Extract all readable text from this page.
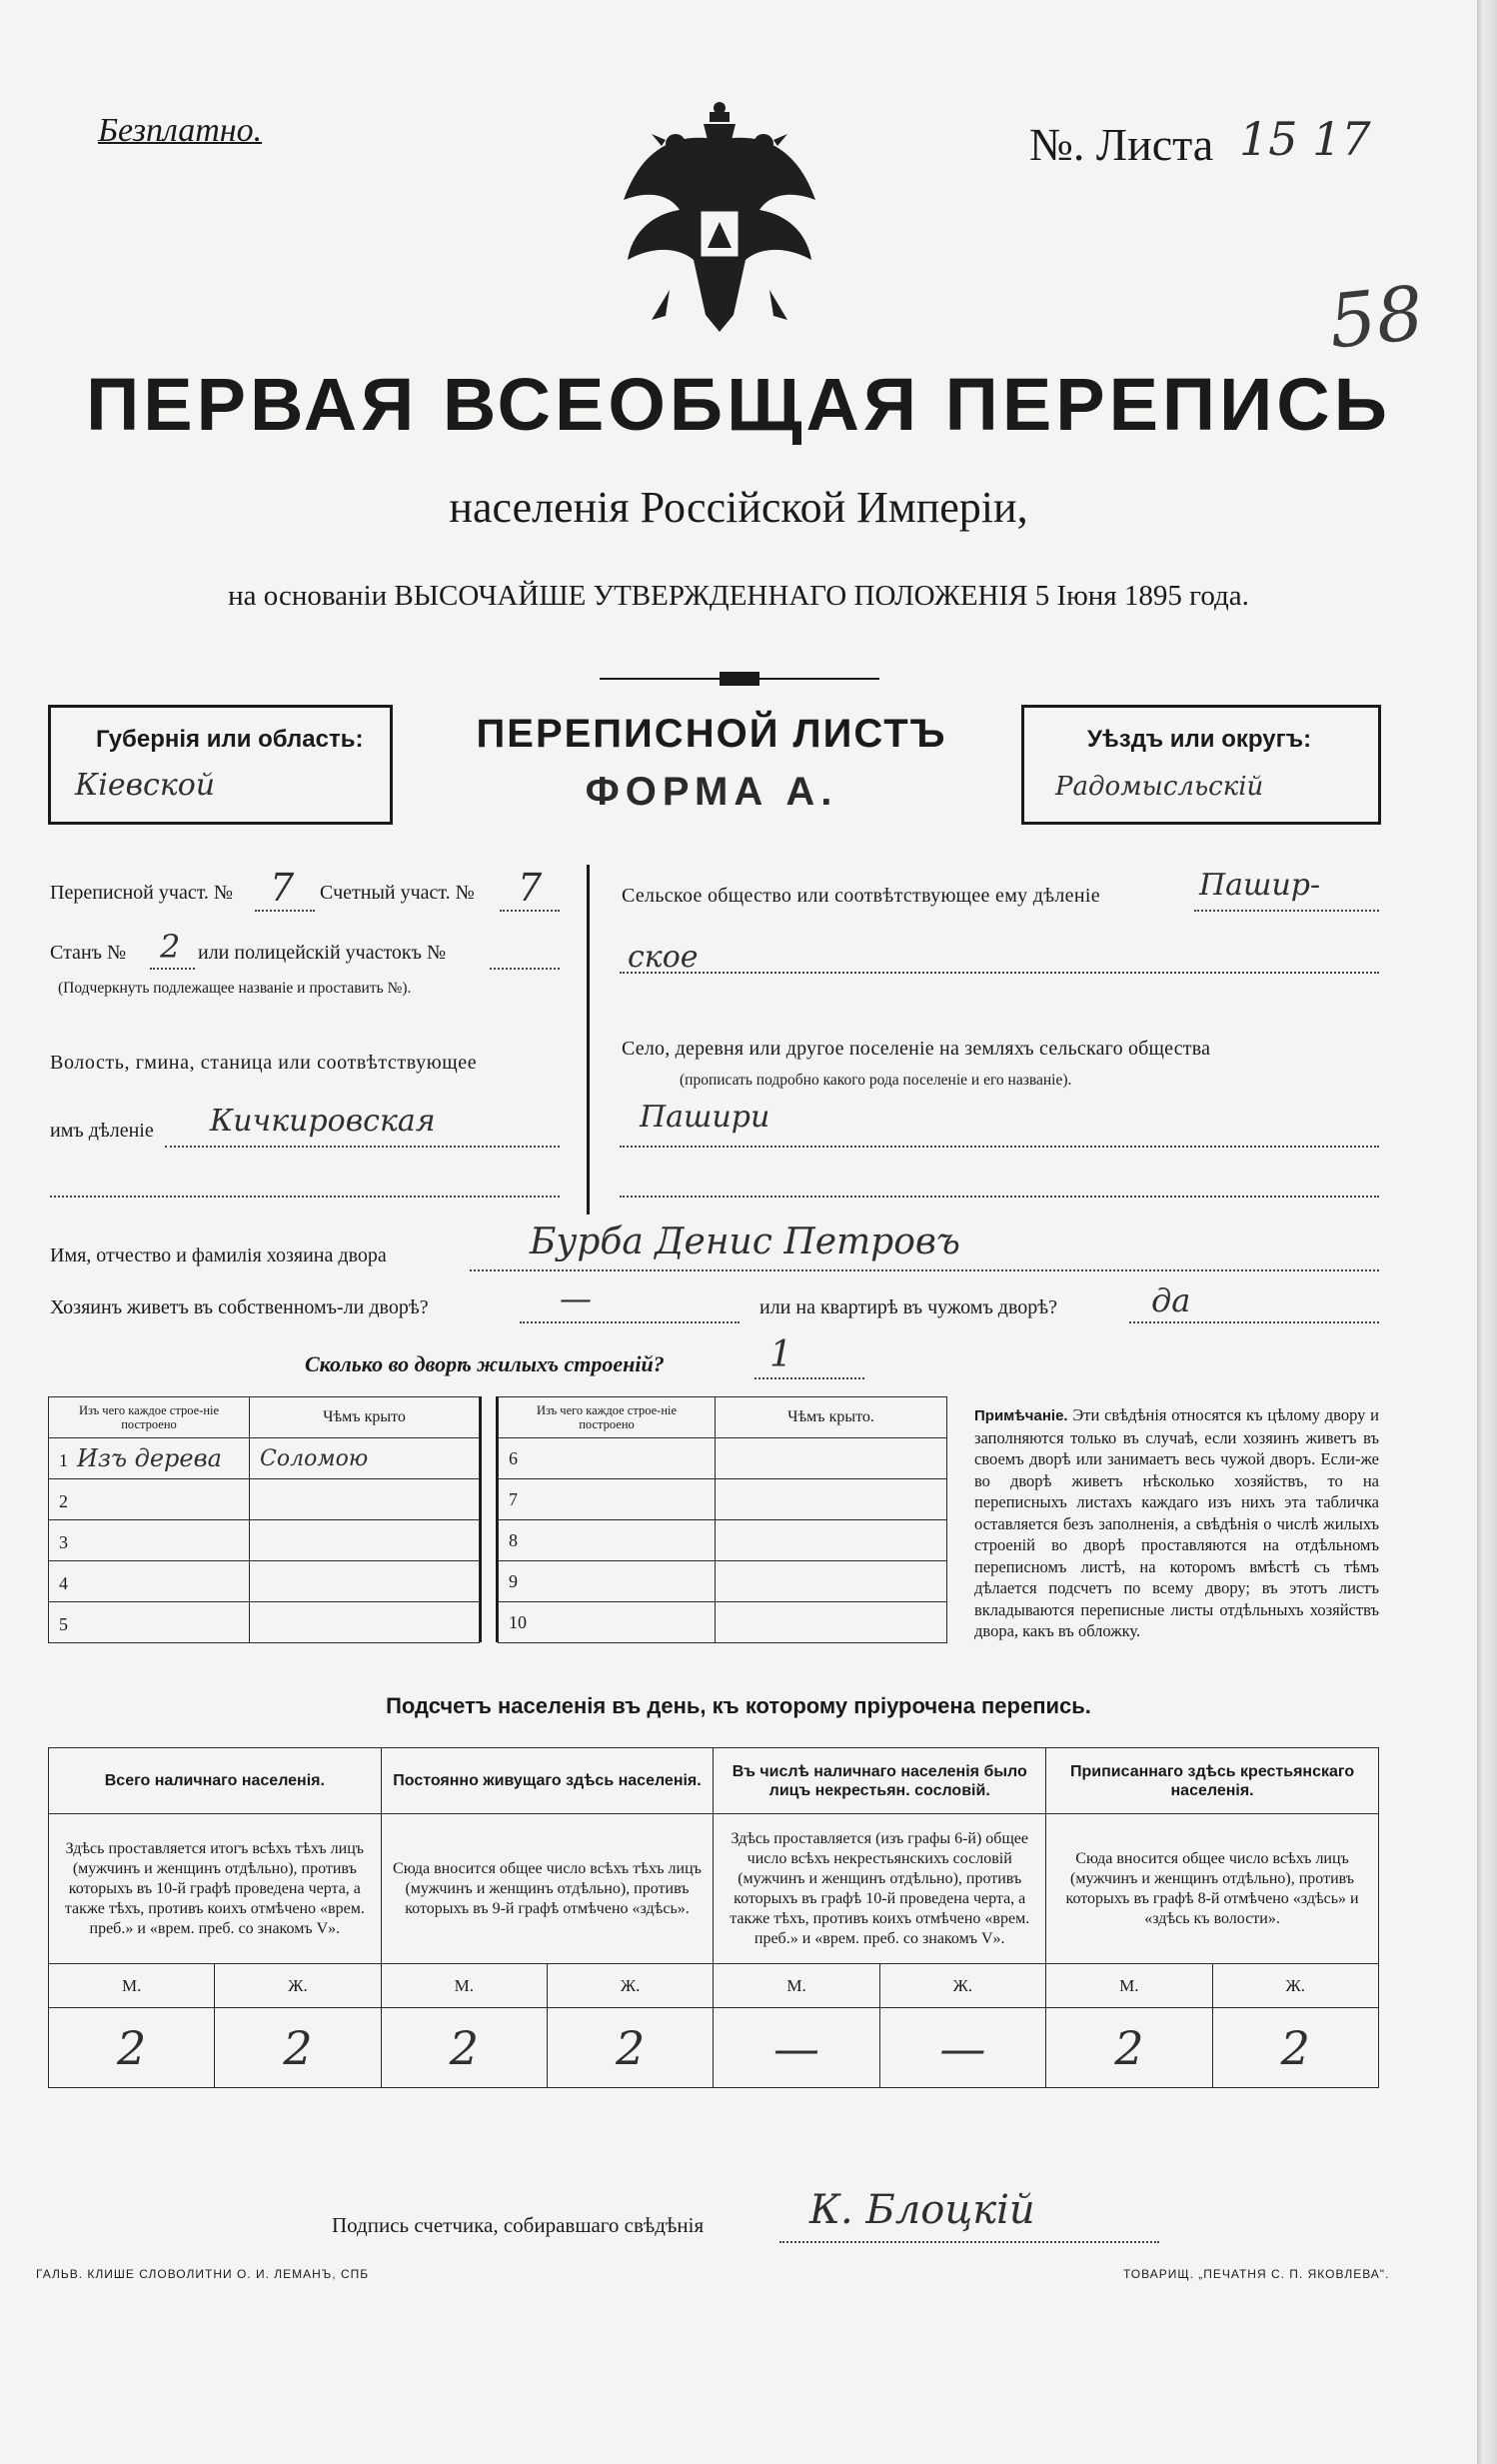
Безплатно.	№. Листа 15 17
58
ПЕРВАЯ ВСЕОБЩАЯ ПЕРЕПИСЬ
населенія Россійской Имперіи,
на основаніи ВЫСОЧАЙШЕ УТВЕРЖДЕННАГО ПОЛОЖЕНІЯ 5 Іюня 1895 года.
Губернія или область:
Кіевской
ПЕРЕПИСНОЙ ЛИСТЪ
ФОРМА А.
Уѣздъ или округъ:
Радомысльскій
Переписной участ. № 7 Счетный участ. № 7
Станъ № 2 или полицейскій участокъ №
(Подчеркнуть подлежащее названіе и проставить №).
Волость, гмина, станица или соотвѣтствующее
имъ дѣленіе Кичкировская
Сельское общество или соотвѣтствующее ему дѣленіе	Пашир-
ское
Село, деревня или другое поселеніе на земляхъ сельскаго общества
(прописать подробно какого рода поселеніе и его названіе).
Пашири
Имя, отчество и фамилія хозяина двора	Бурба Денис Петровъ
Хозяинъ живетъ въ собственномъ-ли дворѣ?	—	или на квартирѣ въ чужомъ дворѣ?	да
Сколько во дворѣ жилыхъ строеній?	1
Изъ чего каждое строе-ніе построено	Чѣмъ крыто
1 Изъ дерева	Соломою
2	
3	
4	
5	
Изъ чего каждое строе-ніе построено	Чѣмъ крыто.
6	
7	
8	
9	
10	
Примѣчаніе. Эти свѣдѣнія относятся къ цѣлому двору и заполняются только въ случаѣ, если хозяинъ живетъ въ своемъ дворѣ или занимаетъ весь чужой дворъ. Если-же во дворѣ живетъ нѣсколько хозяйствъ, то на переписныхъ листахъ каждаго изъ нихъ эта табличка оставляется безъ заполненія, а свѣдѣнія о числѣ жилыхъ строеній во дворѣ проставляются на отдѣльномъ переписномъ листѣ, на которомъ вмѣстѣ съ тѣмъ дѣлается подсчетъ по всему двору; въ этотъ листъ вкладываются переписные листы отдѣльныхъ хозяйствъ двора, какъ въ обложку.
Подсчетъ населенія въ день, къ которому пріурочена перепись.
Всего наличнаго населенія.		Постоянно живущаго здѣсь населенія.		Въ числѣ наличнаго населенія было лицъ некрестьян. сословій.		Приписаннаго здѣсь крестьянскаго населенія.	
Здѣсь проставляется итогъ всѣхъ тѣхъ лицъ (мужчинъ и женщинъ отдѣльно), противъ которыхъ въ 10-й графѣ проведена черта, а также тѣхъ, противъ коихъ отмѣчено «врем. преб.» и «врем. преб. со знакомъ V».		Сюда вносится общее число всѣхъ тѣхъ лицъ (мужчинъ и женщинъ отдѣльно), противъ которыхъ въ 9-й графѣ отмѣчено «здѣсь».		Здѣсь проставляется (изъ графы 6-й) общее число всѣхъ некрестьянскихъ сословій (мужчинъ и женщинъ отдѣльно), противъ которыхъ въ графѣ 10-й проведена черта, а также тѣхъ, противъ коихъ отмѣчено «врем. преб.» и «врем. преб. со знакомъ V».		Сюда вносится общее число всѣхъ лицъ (мужчинъ и женщинъ отдѣльно), противъ которыхъ въ графѣ 8-й отмѣчено «здѣсь» и «здѣсь къ волости».	
М.	Ж.	М.	Ж.	М.	Ж.	М.	Ж.
2	2	2	2	—	—	2	2
Подпись счетчика, собиравшаго свѣдѣнія	К. Блоцкій
ГАЛЬВ. КЛИШЕ СЛОВОЛИТНИ О. И. ЛЕМАНЪ, СПБ	ТОВАРИЩ. „ПЕЧАТНЯ С. П. ЯКОВЛЕВА".
